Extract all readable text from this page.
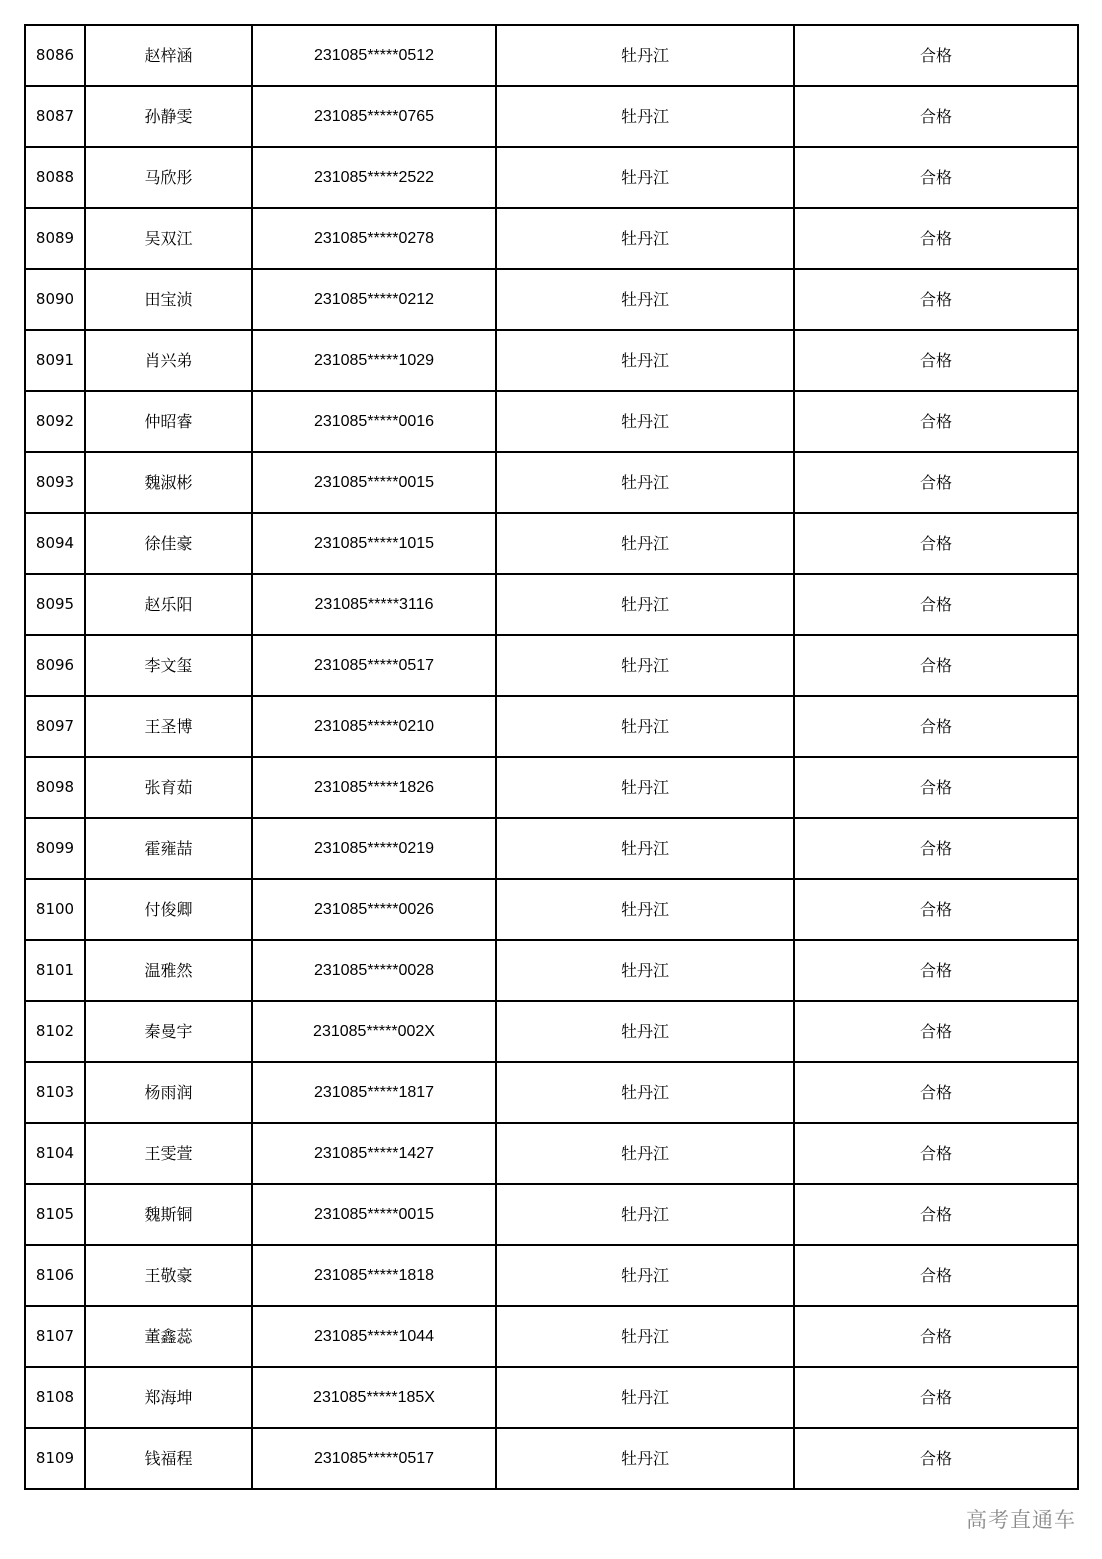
8086	赵梓涵	231085*****0512	牡丹江	合格
8087	孙静雯	231085*****0765	牡丹江	合格
8088	马欣彤	231085*****2522	牡丹江	合格
8089	吴双江	231085*****0278	牡丹江	合格
8090	田宝浈	231085*****0212	牡丹江	合格
8091	肖兴弟	231085*****1029	牡丹江	合格
8092	仲昭睿	231085*****0016	牡丹江	合格
8093	魏淑彬	231085*****0015	牡丹江	合格
8094	徐佳豪	231085*****1015	牡丹江	合格
8095	赵乐阳	231085*****3116	牡丹江	合格
8096	李文玺	231085*****0517	牡丹江	合格
8097	王圣博	231085*****0210	牡丹江	合格
8098	张育茹	231085*****1826	牡丹江	合格
8099	霍雍喆	231085*****0219	牡丹江	合格
8100	付俊卿	231085*****0026	牡丹江	合格
8101	温雅然	231085*****0028	牡丹江	合格
8102	秦曼宇	231085*****002X	牡丹江	合格
8103	杨雨润	231085*****1817	牡丹江	合格
8104	王雯萱	231085*****1427	牡丹江	合格
8105	魏斯铜	231085*****0015	牡丹江	合格
8106	王敬豪	231085*****1818	牡丹江	合格
8107	董鑫蕊	231085*****1044	牡丹江	合格
8108	郑海坤	231085*****185X	牡丹江	合格
8109	钱福程	231085*****0517	牡丹江	合格
高考直通车
